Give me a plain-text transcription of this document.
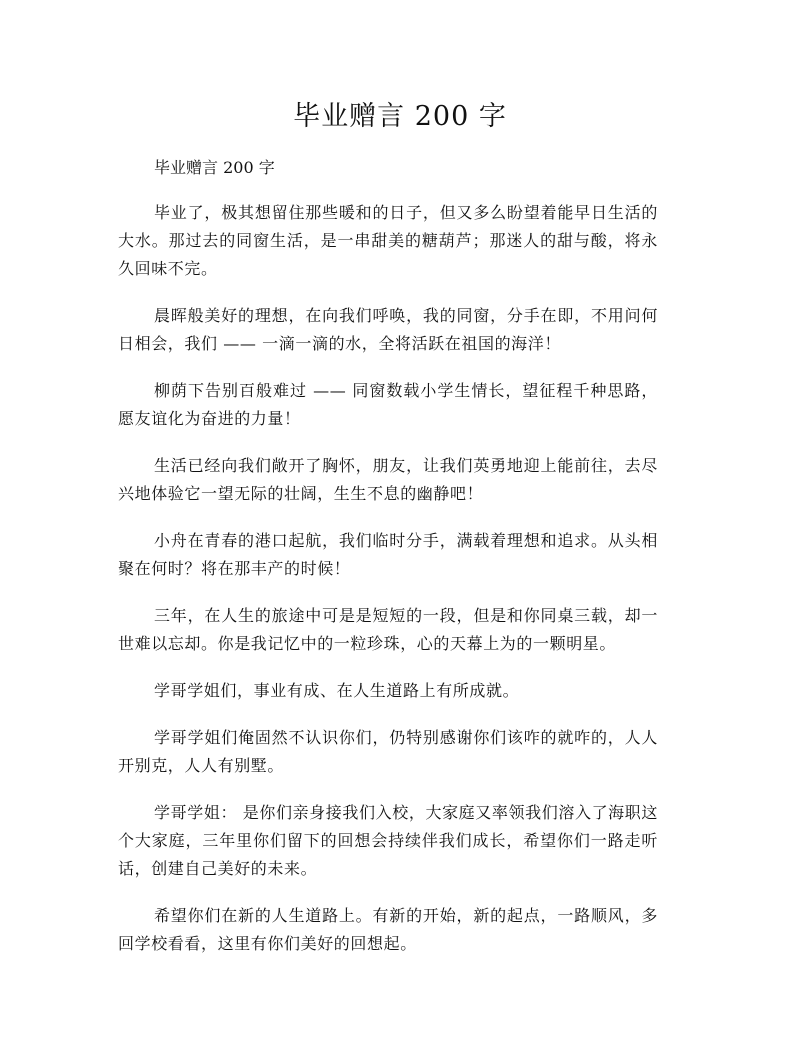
毕业赠言 200 字

毕业赠言 200 字

毕业了，极其想留住那些暖和的日子，但又多么盼望着能早日生活的大水。那过去的同窗生活，是一串甜美的糖葫芦；那迷人的甜与酸，将永久回味不完。

晨晖般美好的理想，在向我们呼唤，我的同窗，分手在即，不用问何日相会，我们 —— 一滴一滴的水，全将活跃在祖国的海洋！

柳荫下告别百般难过 —— 同窗数载小学生情长，望征程千种思路，愿友谊化为奋进的力量！

生活已经向我们敞开了胸怀，朋友，让我们英勇地迎上能前往，去尽兴地体验它一望无际的壮阔，生生不息的幽静吧！

小舟在青春的港口起航，我们临时分手，满载着理想和追求。从头相聚在何时？将在那丰产的时候！

三年，在人生的旅途中可是是短短的一段，但是和你同桌三载，却一世难以忘却。你是我记忆中的一粒珍珠，心的天幕上为的一颗明星。

学哥学姐们，事业有成、在人生道路上有所成就。

学哥学姐们俺固然不认识你们，仍特别感谢你们该咋的就咋的，人人开别克，人人有别墅。

学哥学姐： 是你们亲身接我们入校，大家庭又率领我们溶入了海职这个大家庭，三年里你们留下的回想会持续伴我们成长，希望你们一路走听话，创建自己美好的未来。

希望你们在新的人生道路上。有新的开始，新的起点，一路顺风，多回学校看看，这里有你们美好的回想起。
